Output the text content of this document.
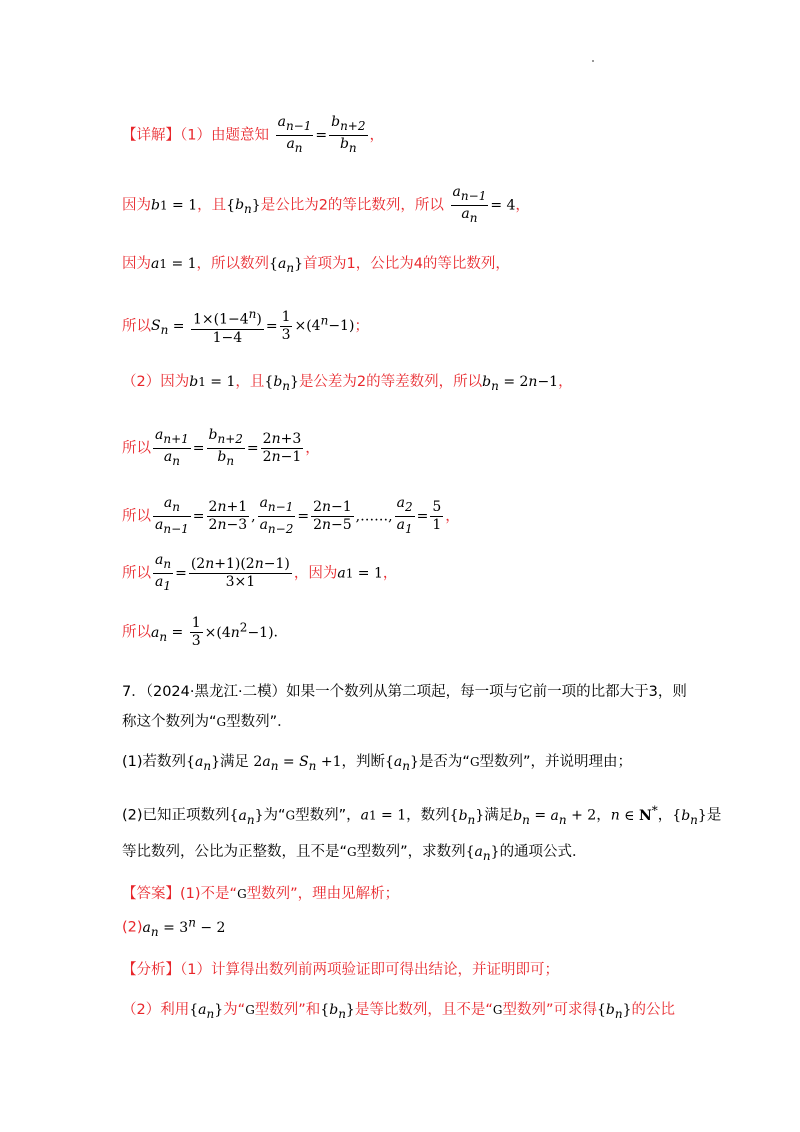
【详解】（1）由题意知 $\frac{a_{n-1}}{a_n} = \frac{b_{n+2}}{b_n}$ ，
因为b1 = 1，且$\{b_n\}$是公比为2的等比数列，所以 $\frac{a_{n-1}}{a_n} = 4$，
因为a1 = 1，所以数列$\{a_n\}$首项为1，公比为4的等比数列，
所以$S_n = \frac{1\times(1-4^n)}{1-4} = \frac{1}{3} \times(4^n-1)$；
（2）因为b1 = 1，且$\{b_n\}$是公差为2的等差数列，所以$b_n = 2n-1$，
所以 $\frac{a_{n+1}}{a_n} = \frac{b_{n+2}}{b_n} = \frac{2n+3}{2n-1}$ ，
所以 $\frac{a_n}{a_{n-1}} = \frac{2n+1}{2n-3}$ , $\frac{a_{n-1}}{a_{n-2}} = \frac{2n-1}{2n-5}$ ,……, $\frac{a_2}{a_1} = \frac{5}{1}$ ，
所以 $\frac{a_n}{a_1} = \frac{(2n+1)(2n-1)}{3\times 1}$ ，因为a1 = 1，
所以$a_n = \frac{1}{3} \times(4n^2-1)$.
7．（2024·黑龙江·二模）如果一个数列从第二项起，每一项与它前一项的比都大于3，则
称这个数列为“G型数列”．
(1)若数列$\{a_n\}$满足 $2a_n = S_n +1$，判断$\{a_n\}$是否为“G型数列”，并说明理由；
(2)已知正项数列$\{a_n\}$为“G型数列”，a1 = 1，数列$\{b_n\}$满足$b_n = a_n + 2$，n ∈ N*，$\{b_n\}$是
等比数列，公比为正整数，且不是“G型数列”，求数列$\{a_n\}$的通项公式．
【答案】(1)不是“G型数列”，理由见解析；
$(2)a_n = 3^n - 2$
【分析】（1）计算得出数列前两项验证即可得出结论，并证明即可；
（2）利用$\{a_n\}$为“G型数列”和$\{b_n\}$是等比数列，且不是“G型数列”可求得$\{b_n\}$的公比
